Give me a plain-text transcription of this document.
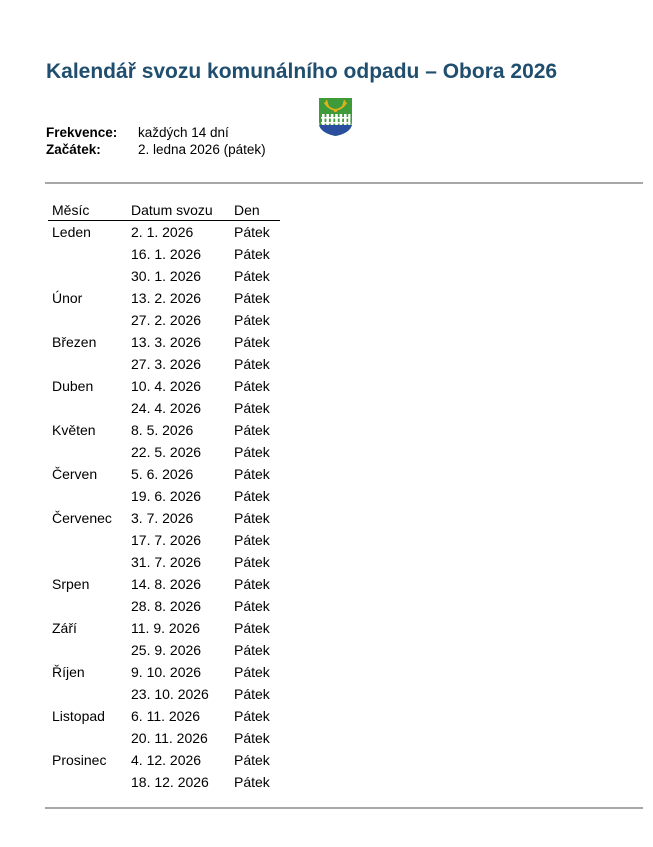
Kalendář svozu komunálního odpadu – Obora 2026
Frekvence: každých 14 dní
Začátek:	2. ledna 2026 (pátek)
Měsíc	Datum svozu	Den
Leden	2. 1. 2026	Pátek
	16. 1. 2026	Pátek
	30. 1. 2026	Pátek
Únor	13. 2. 2026	Pátek
	27. 2. 2026	Pátek
Březen	13. 3. 2026	Pátek
	27. 3. 2026	Pátek
Duben	10. 4. 2026	Pátek
	24. 4. 2026	Pátek
Květen	8. 5. 2026	Pátek
	22. 5. 2026	Pátek
Červen	5. 6. 2026	Pátek
	19. 6. 2026	Pátek
Červenec	3. 7. 2026	Pátek
	17. 7. 2026	Pátek
	31. 7. 2026	Pátek
Srpen	14. 8. 2026	Pátek
	28. 8. 2026	Pátek
Září	11. 9. 2026	Pátek
	25. 9. 2026	Pátek
Říjen	9. 10. 2026	Pátek
	23. 10. 2026	Pátek
Listopad	6. 11. 2026	Pátek
	20. 11. 2026	Pátek
Prosinec	4. 12. 2026	Pátek
	18. 12. 2026	Pátek
